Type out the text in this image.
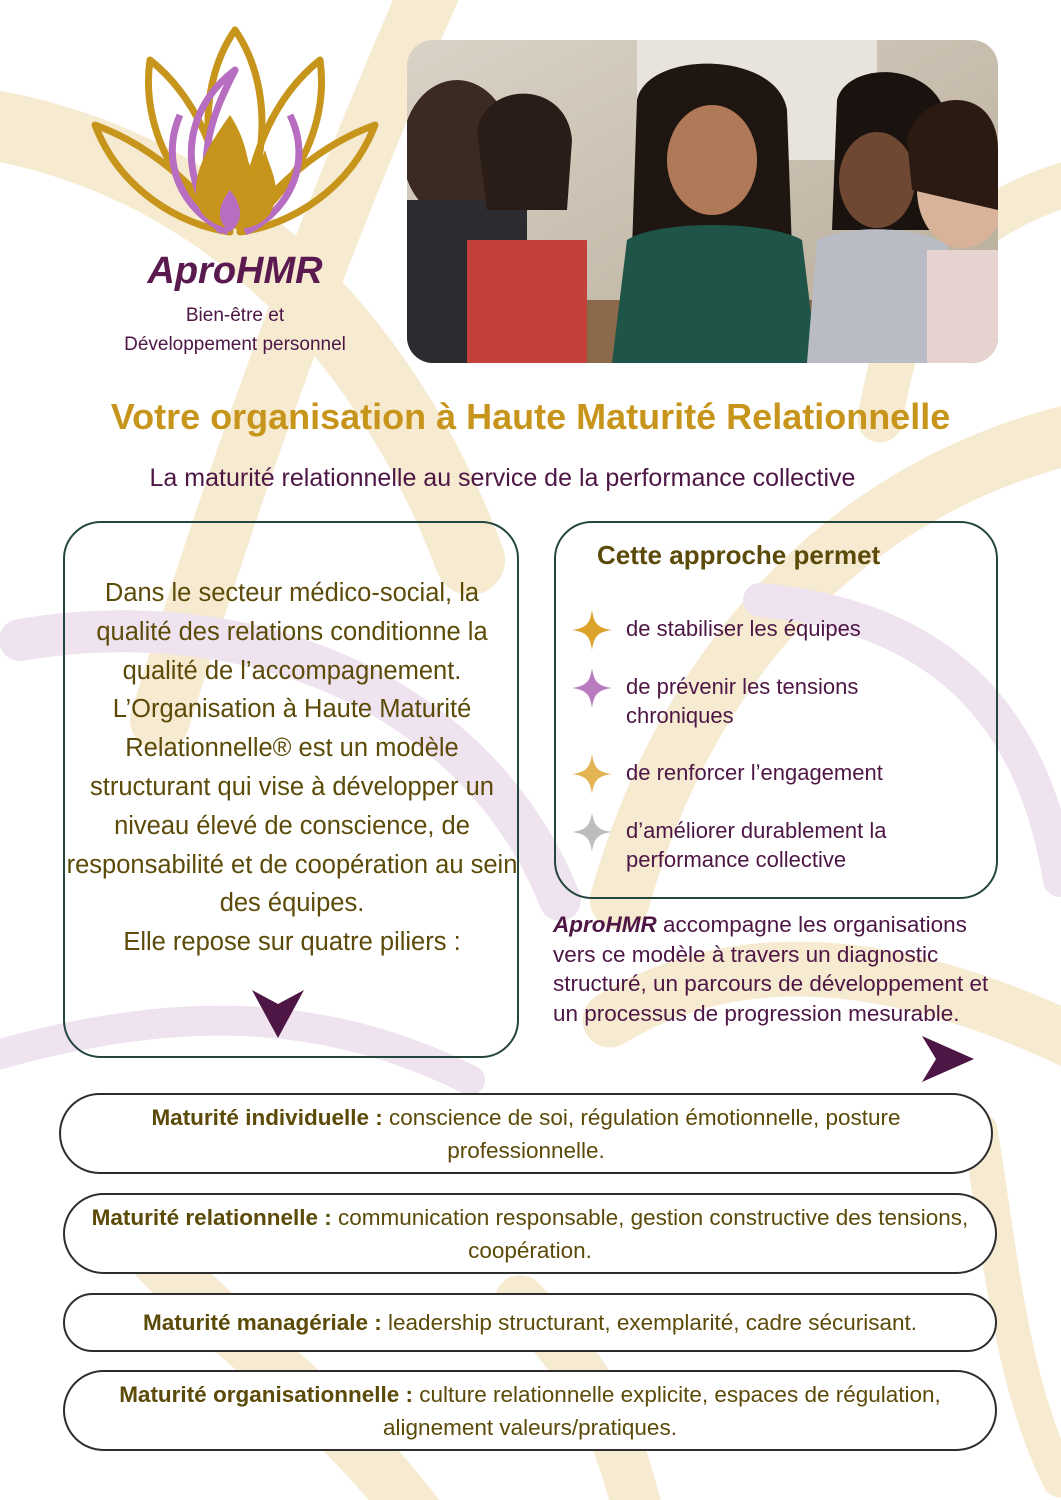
AproHMR
Bien-être et
Développement personnel
Votre organisation à Haute Maturité Relationnelle
La maturité relationnelle au service de la performance collective

Dans le secteur médico-social, la qualité des relations conditionne la qualité de l’accompagnement. L’Organisation à Haute Maturité Relationnelle® est un modèle structurant qui vise à développer un niveau élevé de conscience, de responsabilité et de coopération au sein des équipes.

Elle repose sur quatre piliers :

Cette approche permet
de stabiliser les équipes
de prévenir les tensions chroniques
de renforcer l’engagement
d’améliorer durablement la performance collective
AproHMR accompagne les organisations vers ce modèle à travers un diagnostic structuré, un parcours de développement et un processus de progression mesurable.
Maturité individuelle : conscience de soi, régulation émotionnelle, posture professionnelle.
Maturité relationnelle : communication responsable, gestion constructive des tensions, coopération.
Maturité managériale : leadership structurant, exemplarité, cadre sécurisant.
Maturité organisationnelle : culture relationnelle explicite, espaces de régulation, alignement valeurs/pratiques.
